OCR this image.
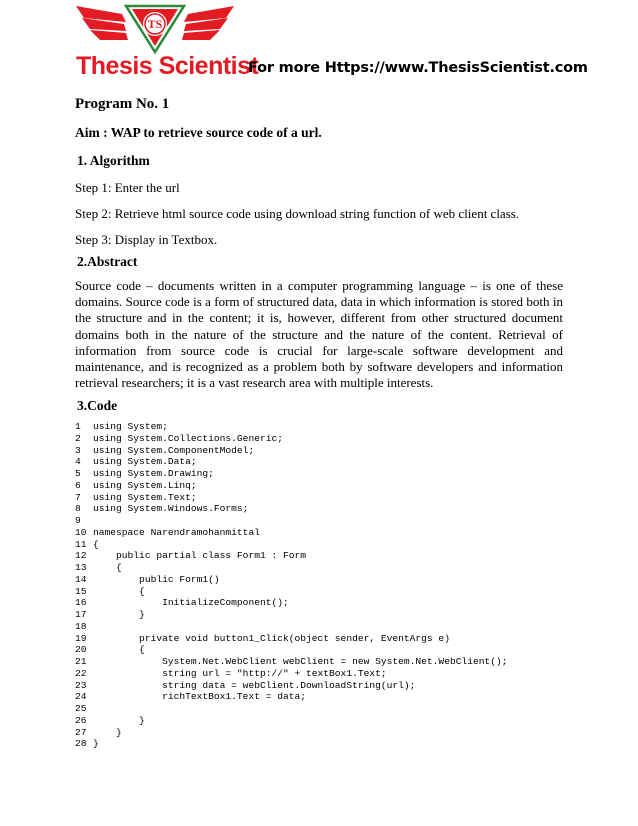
TS
Thesis Scientist
For more Https://www.ThesisScientist.com
Program No. 1
Aim : WAP to retrieve source code of a url.
1. Algorithm
Step 1: Enter the url
Step 2: Retrieve html source code using download string function of web client class.
Step 3: Display in Textbox.
2.Abstract
Source code – documents written in a computer programming language – is one of these domains. Source code is a form of structured data, data in which information is stored both in the structure and in the content; it is, however, different from other structured document domains both in the nature of the structure and the nature of the content. Retrieval of information from source code is crucial for large-scale software development and maintenance, and is recognized as a problem both by software developers and information retrieval researchers; it is a vast research area with multiple interests.
3.Code
1 using System;
2 using System.Collections.Generic;
3 using System.ComponentModel;
4 using System.Data;
5 using System.Drawing;
6 using System.Linq;
7 using System.Text;
8 using System.Windows.Forms;
9
10 namespace Narendramohanmittal
11 {
12    public partial class Form1 : Form
13    {
14        public Form1()
15        {
16            InitializeComponent();
17        }
18
19        private void button1_Click(object sender, EventArgs e)
20        {
21            System.Net.WebClient webClient = new System.Net.WebClient();
22            string url = "http://" + textBox1.Text;
23            string data = webClient.DownloadString(url);
24            richTextBox1.Text = data;
25
26        }
27    }
28 }
